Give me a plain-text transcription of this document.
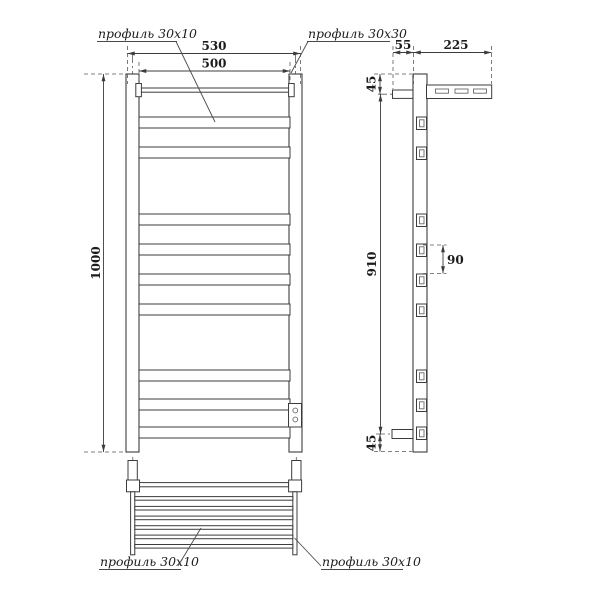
530
500
1000
профиль 30x10	профиль 30x30
55	225
45
910
45
90
профиль 30x10	профиль 30x10
